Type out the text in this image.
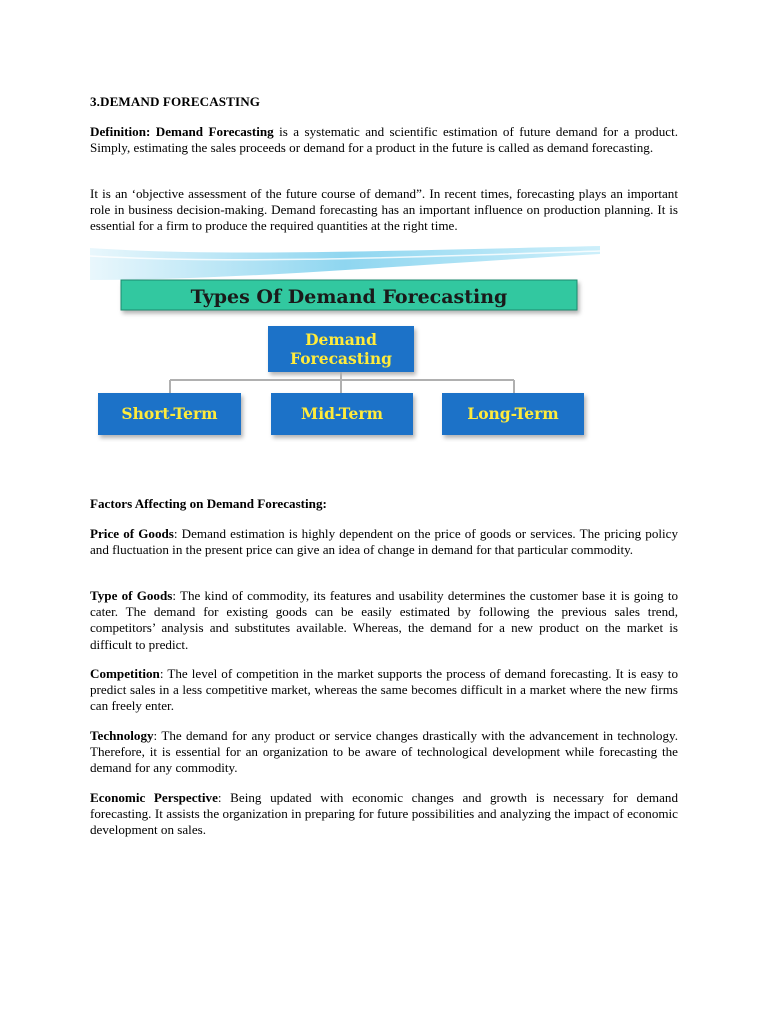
3.DEMAND FORECASTING

Definition: Demand Forecasting is a systematic and scientific estimation of future demand for a product. Simply, estimating the sales proceeds or demand for a product in the future is called as demand forecasting.

It is an ‘objective assessment of the future course of demand”. In recent times, forecasting plays an important role in business decision-making. Demand forecasting has an important influence on production planning. It is essential for a firm to produce the required quantities at the right time.

Types Of Demand Forecasting
Demand
Forecasting
Short-Term	Mid-Term	Long-Term

Factors Affecting on Demand Forecasting:

Price of Goods: Demand estimation is highly dependent on the price of goods or services. The pricing policy and fluctuation in the present price can give an idea of change in demand for that particular commodity.

Type of Goods: The kind of commodity, its features and usability determines the customer base it is going to cater. The demand for existing goods can be easily estimated by following the previous sales trend, competitors’ analysis and substitutes available. Whereas, the demand for a new product on the market is difficult to predict.

Competition: The level of competition in the market supports the process of demand forecasting. It is easy to predict sales in a less competitive market, whereas the same becomes difficult in a market where the new firms can freely enter.

Technology: The demand for any product or service changes drastically with the advancement in technology. Therefore, it is essential for an organization to be aware of technological development while forecasting the demand for any commodity.

Economic Perspective: Being updated with economic changes and growth is necessary for demand forecasting. It assists the organization in preparing for future possibilities and analyzing the impact of economic development on sales.
